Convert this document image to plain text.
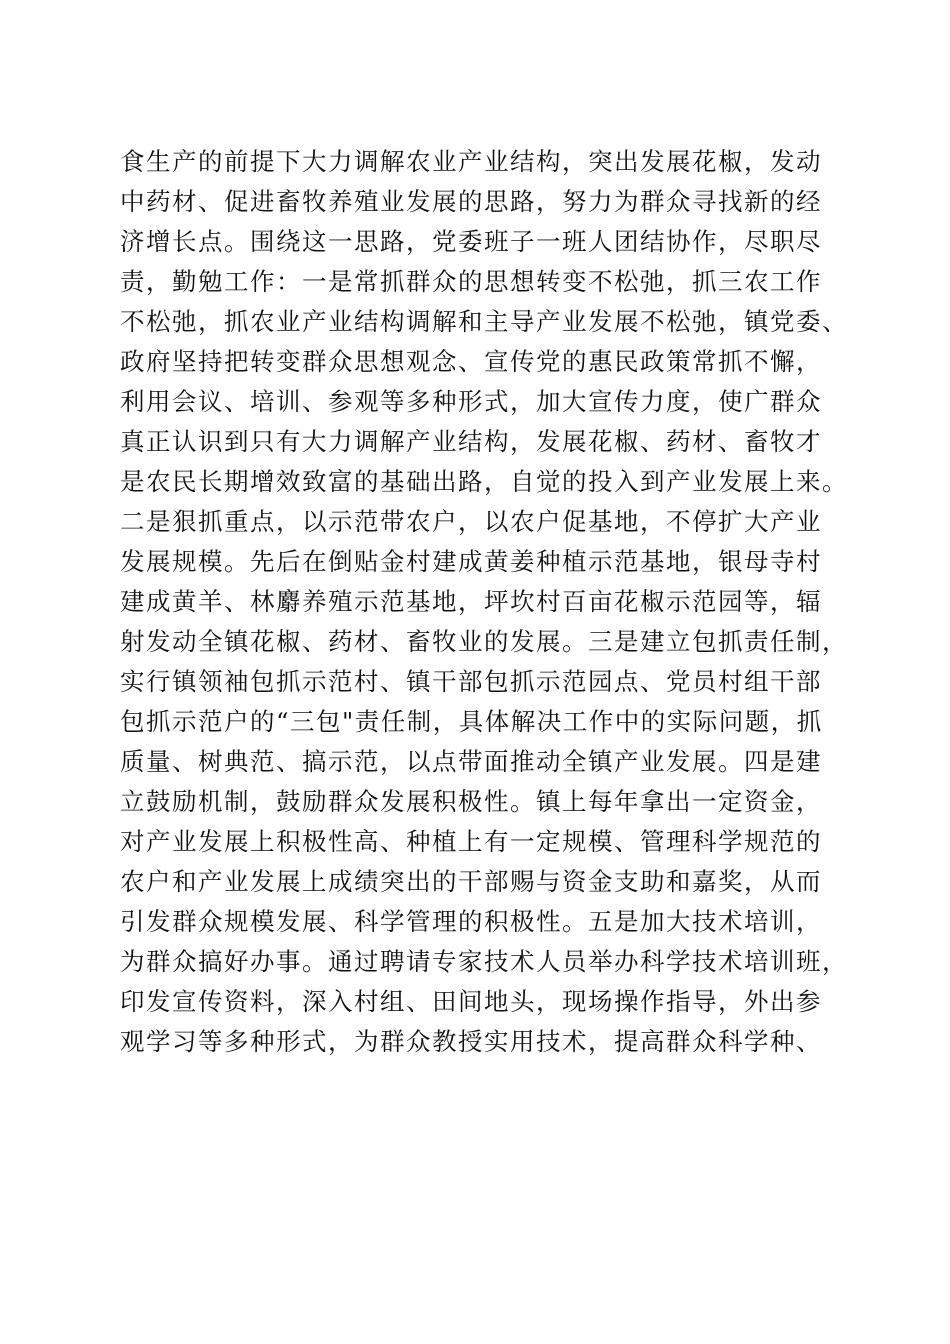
食生产的前提下大力调解农业产业结构，突出发展花椒，发动
中药材、促进畜牧养殖业发展的思路，努力为群众寻找新的经
济增长点。围绕这一思路，党委班子一班人团结协作，尽职尽
责，勤勉工作：一是常抓群众的思想转变不松弛，抓三农工作
不松弛，抓农业产业结构调解和主导产业发展不松弛，镇党委、
政府坚持把转变群众思想观念、宣传党的惠民政策常抓不懈，
利用会议、培训、参观等多种形式，加大宣传力度，使广群众
真正认识到只有大力调解产业结构，发展花椒、药材、畜牧才
是农民长期增效致富的基础出路，自觉的投入到产业发展上来。
二是狠抓重点，以示范带农户，以农户促基地，不停扩大产业
发展规模。先后在倒贴金村建成黄姜种植示范基地，银母寺村
建成黄羊、林麝养殖示范基地，坪坎村百亩花椒示范园等，辐
射发动全镇花椒、药材、畜牧业的发展。三是建立包抓责任制，
实行镇领袖包抓示范村、镇干部包抓示范园点、党员村组干部
包抓示范户的“三包"责任制，具体解决工作中的实际问题，抓
质量、树典范、搞示范，以点带面推动全镇产业发展。四是建
立鼓励机制，鼓励群众发展积极性。镇上每年拿出一定资金，
对产业发展上积极性高、种植上有一定规模、管理科学规范的
农户和产业发展上成绩突出的干部赐与资金支助和嘉奖，从而
引发群众规模发展、科学管理的积极性。五是加大技术培训，
为群众搞好办事。通过聘请专家技术人员举办科学技术培训班，
印发宣传资料，深入村组、田间地头，现场操作指导，外出参
观学习等多种形式，为群众教授实用技术，提高群众科学种、
